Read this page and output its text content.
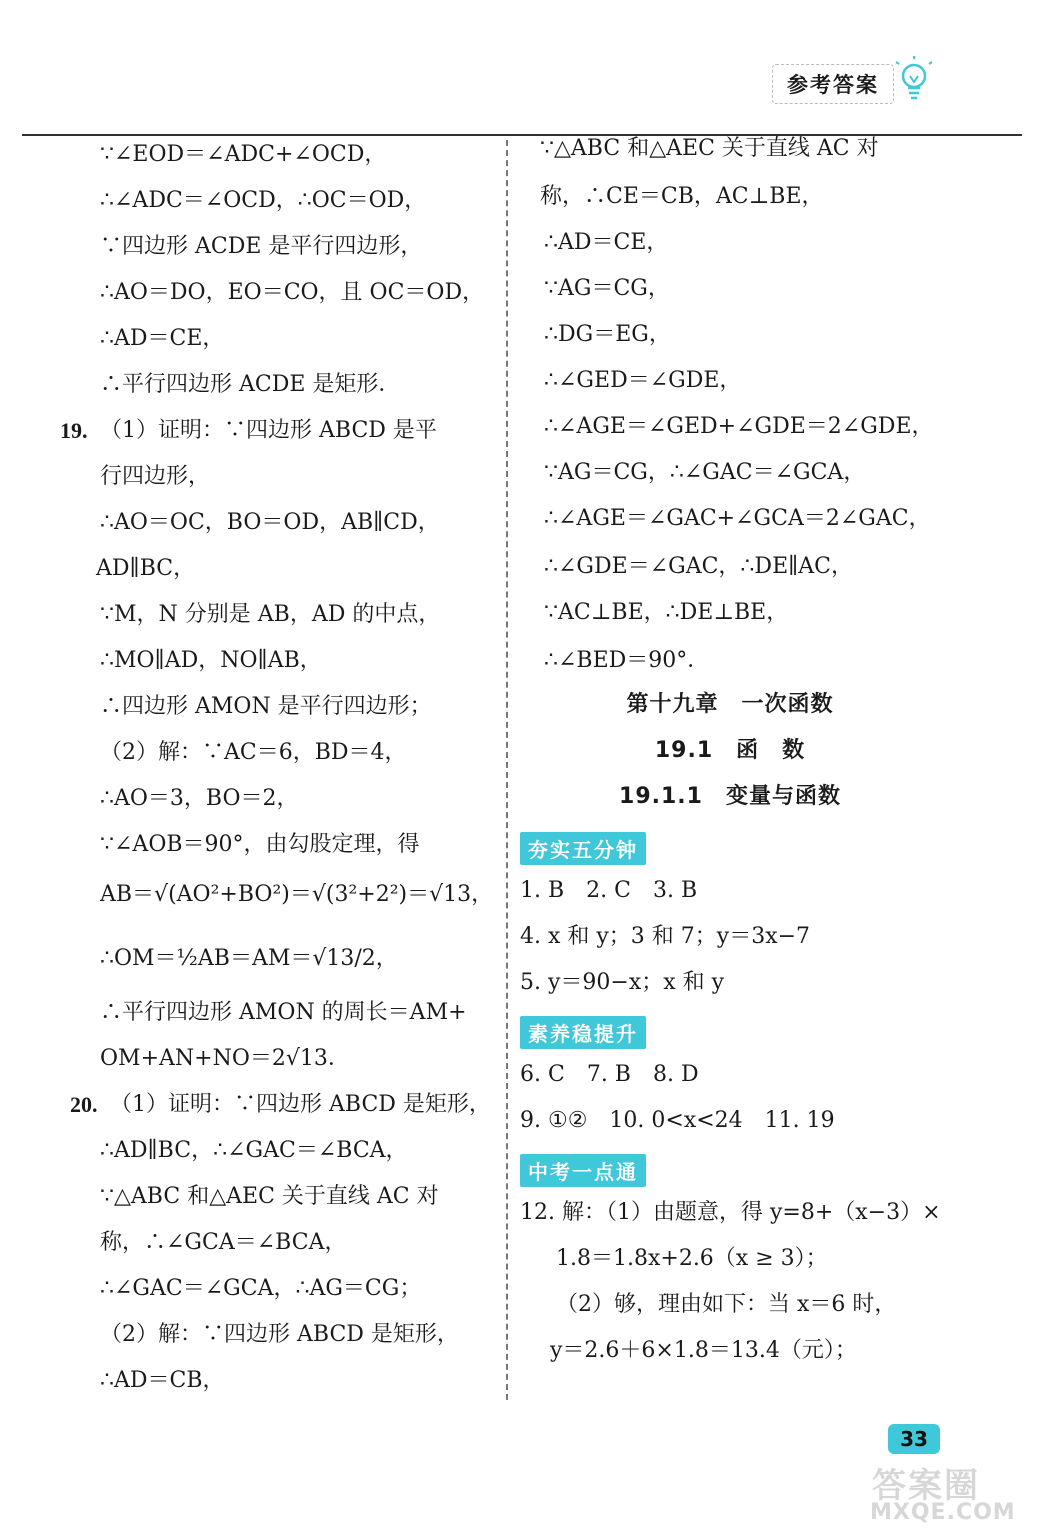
参考答案
∵∠EOD＝∠ADC+∠OCD，
∴∠ADC＝∠OCD，∴OC＝OD，
∵四边形 ACDE 是平行四边形，
∴AO＝DO，EO＝CO，且 OC＝OD，
∴AD＝CE，
∴平行四边形 ACDE 是矩形．
19. （1）证明：∵四边形 ABCD 是平
行四边形，
∴AO＝OC，BO＝OD，AB∥CD，
AD∥BC，
∵M，N 分别是 AB，AD 的中点，
∴MO∥AD，NO∥AB，
∴四边形 AMON 是平行四边形；
（2）解：∵AC＝6，BD＝4，
∴AO＝3，BO＝2，
∵∠AOB＝90°，由勾股定理，得
AB＝√(AO²+BO²)＝√(3²+2²)＝√13，
∴OM＝½AB＝AM＝√13/2，
∴平行四边形 AMON 的周长＝AM+
OM+AN+NO＝2√13．
20. （1）证明：∵四边形 ABCD 是矩形，
∴AD∥BC，∴∠GAC＝∠BCA，
∵△ABC 和△AEC 关于直线 AC 对
称，∴∠GCA＝∠BCA，
∴∠GAC＝∠GCA，∴AG＝CG；
（2）解：∵四边形 ABCD 是矩形，
∴AD＝CB，
∵△ABC 和△AEC 关于直线 AC 对
称，∴CE＝CB，AC⊥BE，
∴AD＝CE，
∵AG＝CG，
∴DG＝EG，
∴∠GED＝∠GDE，
∴∠AGE＝∠GED+∠GDE＝2∠GDE，
∵AG＝CG，∴∠GAC＝∠GCA，
∴∠AGE＝∠GAC+∠GCA＝2∠GAC，
∴∠GDE＝∠GAC，∴DE∥AC，
∵AC⊥BE，∴DE⊥BE，
∴∠BED＝90°．
第十九章　一次函数
19.1　函　数
19.1.1　变量与函数
夯实五分钟
1. B　2. C　3. B
4. x 和 y；3 和 7；y＝3x−7
5. y＝90−x；x 和 y
素养稳提升
6. C　7. B　8. D
9. ①②　10. 0<x<24　11. 19
中考一点通
12. 解：（1）由题意，得 y=8+（x−3）×
1.8＝1.8x+2.6（x ≥ 3）；
（2）够，理由如下：当 x＝6 时，
y＝2.6＋6×1.8＝13.4（元）；
33
答案圈
MXQE.COM
